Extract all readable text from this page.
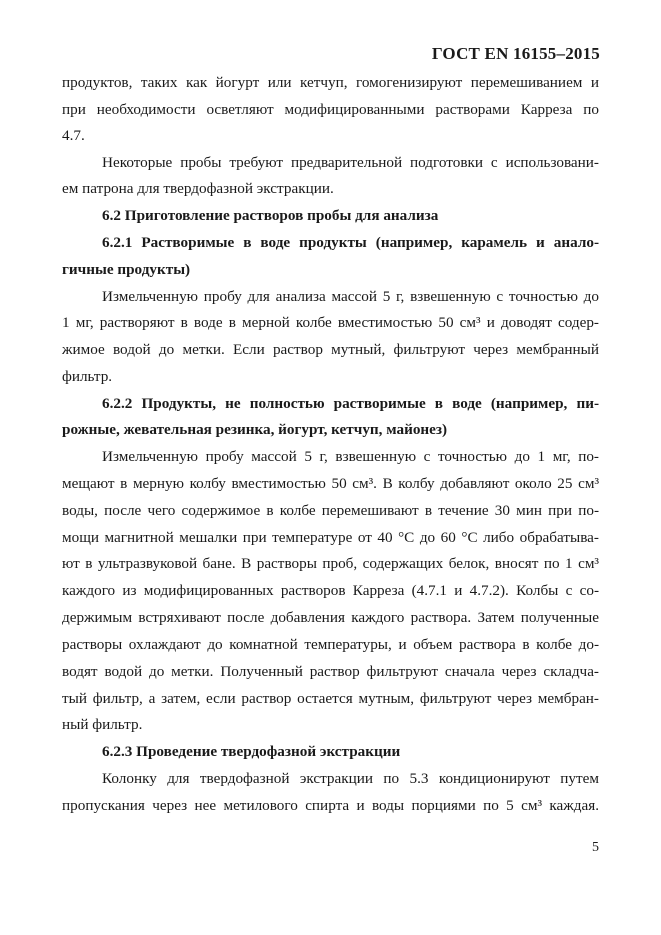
ГОСТ EN 16155–2015
продуктов, таких как йогурт или кетчуп, гомогенизируют перемешиванием и
при необходимости осветляют модифицированными растворами Карреза по
4.7.
Некоторые пробы требуют предварительной подготовки с использовани-
ем патрона для твердофазной экстракции.
6.2 Приготовление растворов пробы для анализа
6.2.1 Растворимые в воде продукты (например, карамель и анало-
гичные продукты)
Измельченную пробу для анализа массой 5 г, взвешенную с точностью до
1 мг, растворяют в воде в мерной колбе вместимостью 50 см³ и доводят содер-
жимое водой до метки. Если раствор мутный, фильтруют через мембранный
фильтр.
6.2.2 Продукты, не полностью растворимые в воде (например, пи-
рожные, жевательная резинка, йогурт, кетчуп, майонез)
Измельченную пробу массой 5 г, взвешенную с точностью до 1 мг, по-
мещают в мерную колбу вместимостью 50 см³. В колбу добавляют около 25 см³
воды, после чего содержимое в колбе перемешивают в течение 30 мин при по-
мощи магнитной мешалки при температуре от 40 °С до 60 °С либо обрабатыва-
ют в ультразвуковой бане. В растворы проб, содержащих белок, вносят по 1 см³
каждого из модифицированных растворов Карреза (4.7.1 и 4.7.2). Колбы с со-
держимым встряхивают после добавления каждого раствора. Затем полученные
растворы охлаждают до комнатной температуры, и объем раствора в колбе до-
водят водой до метки. Полученный раствор фильтруют сначала через складча-
тый фильтр, а затем, если раствор остается мутным, фильтруют через мембран-
ный фильтр.
6.2.3 Проведение твердофазной экстракции
Колонку для твердофазной экстракции по 5.3 кондиционируют путем
пропускания через нее метилового спирта и воды порциями по 5 см³ каждая.
5
